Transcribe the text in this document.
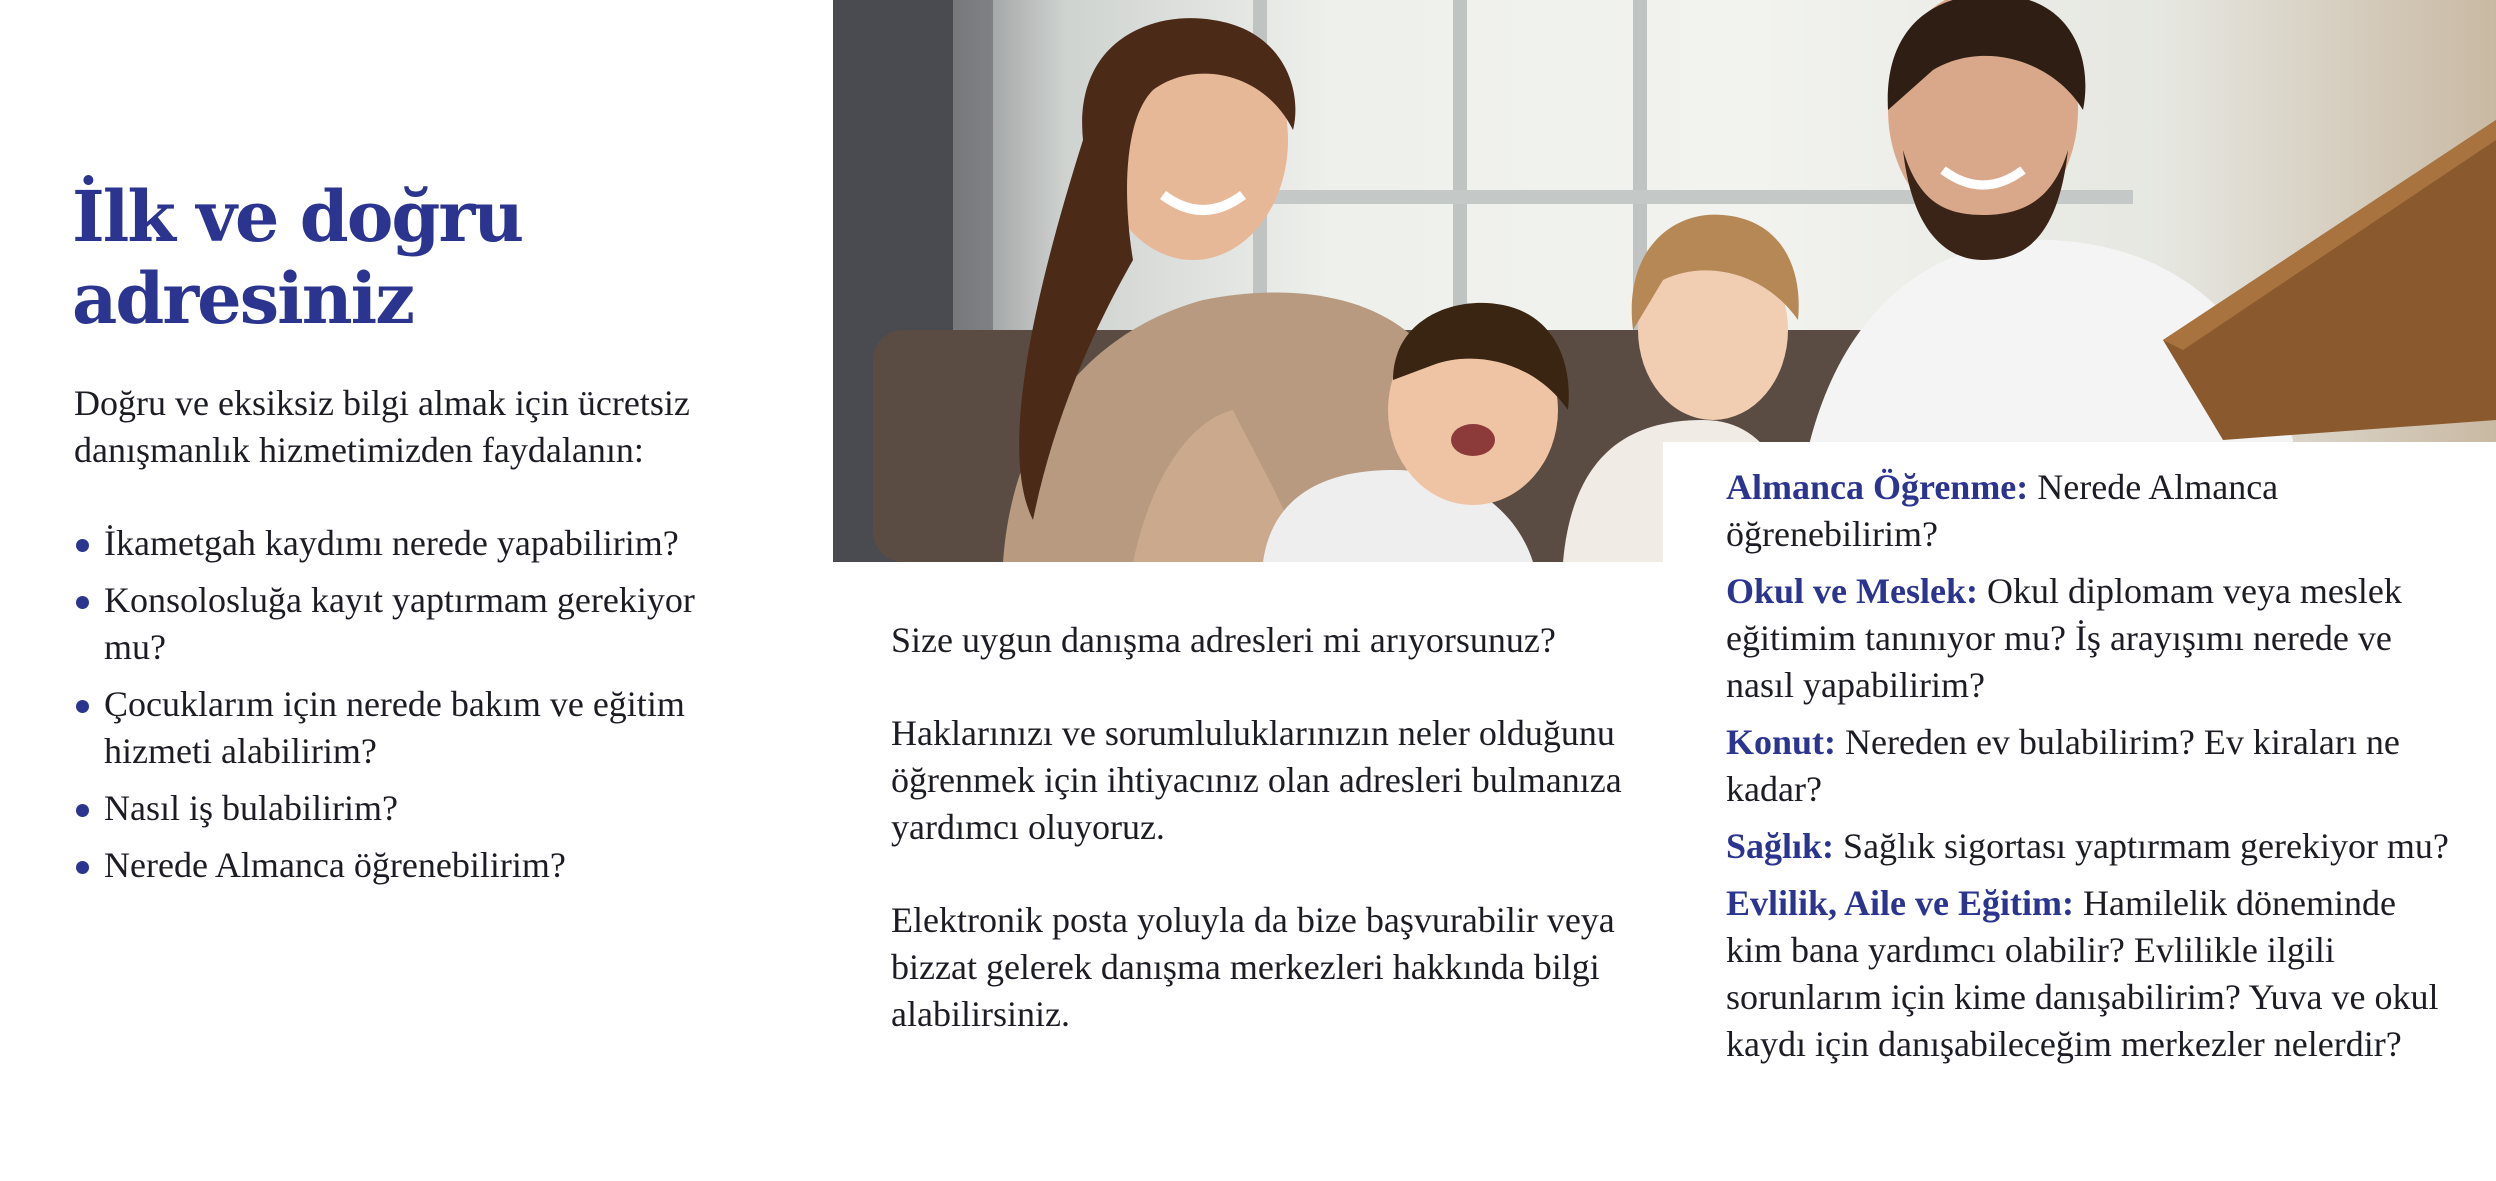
İlk ve doğru
adresiniz

Doğru ve eksiksiz bilgi almak için ücretsiz
danışmanlık hizmetimizden faydalanın:

İkametgah kaydımı nerede yapabilirim?
Konsolosluğa kayıt yaptırmam gerekiyor mu?
Çocuklarım için nerede bakım ve eğitim hizmeti alabilirim?
Nasıl iş bulabilirim?
Nerede Almanca öğrenebilirim?

Size uygun danışma adresleri mi arıyorsunuz?

Haklarınızı ve sorumluluklarınızın neler olduğunu öğrenmek için ihtiyacınız olan adresleri bulmanıza yardımcı oluyoruz.

Elektronik posta yoluyla da bize başvurabilir veya bizzat gelerek danışma merkezleri hakkında bilgi alabilirsiniz.

Almanca Öğrenme: Nerede Almanca öğrenebilirim?

Okul ve Meslek: Okul diplomam veya meslek eğitimim tanınıyor mu? İş arayışımı nerede ve nasıl yapabilirim?

Konut: Nereden ev bulabilirim? Ev kiraları ne kadar?

Sağlık: Sağlık sigortası yaptırmam gerekiyor mu?

Evlilik, Aile ve Eğitim: Hamilelik döneminde kim bana yardımcı olabilir? Evlilikle ilgili sorunlarım için kime danışabilirim? Yuva ve okul kaydı için danışabileceğim merkezler nelerdir?
